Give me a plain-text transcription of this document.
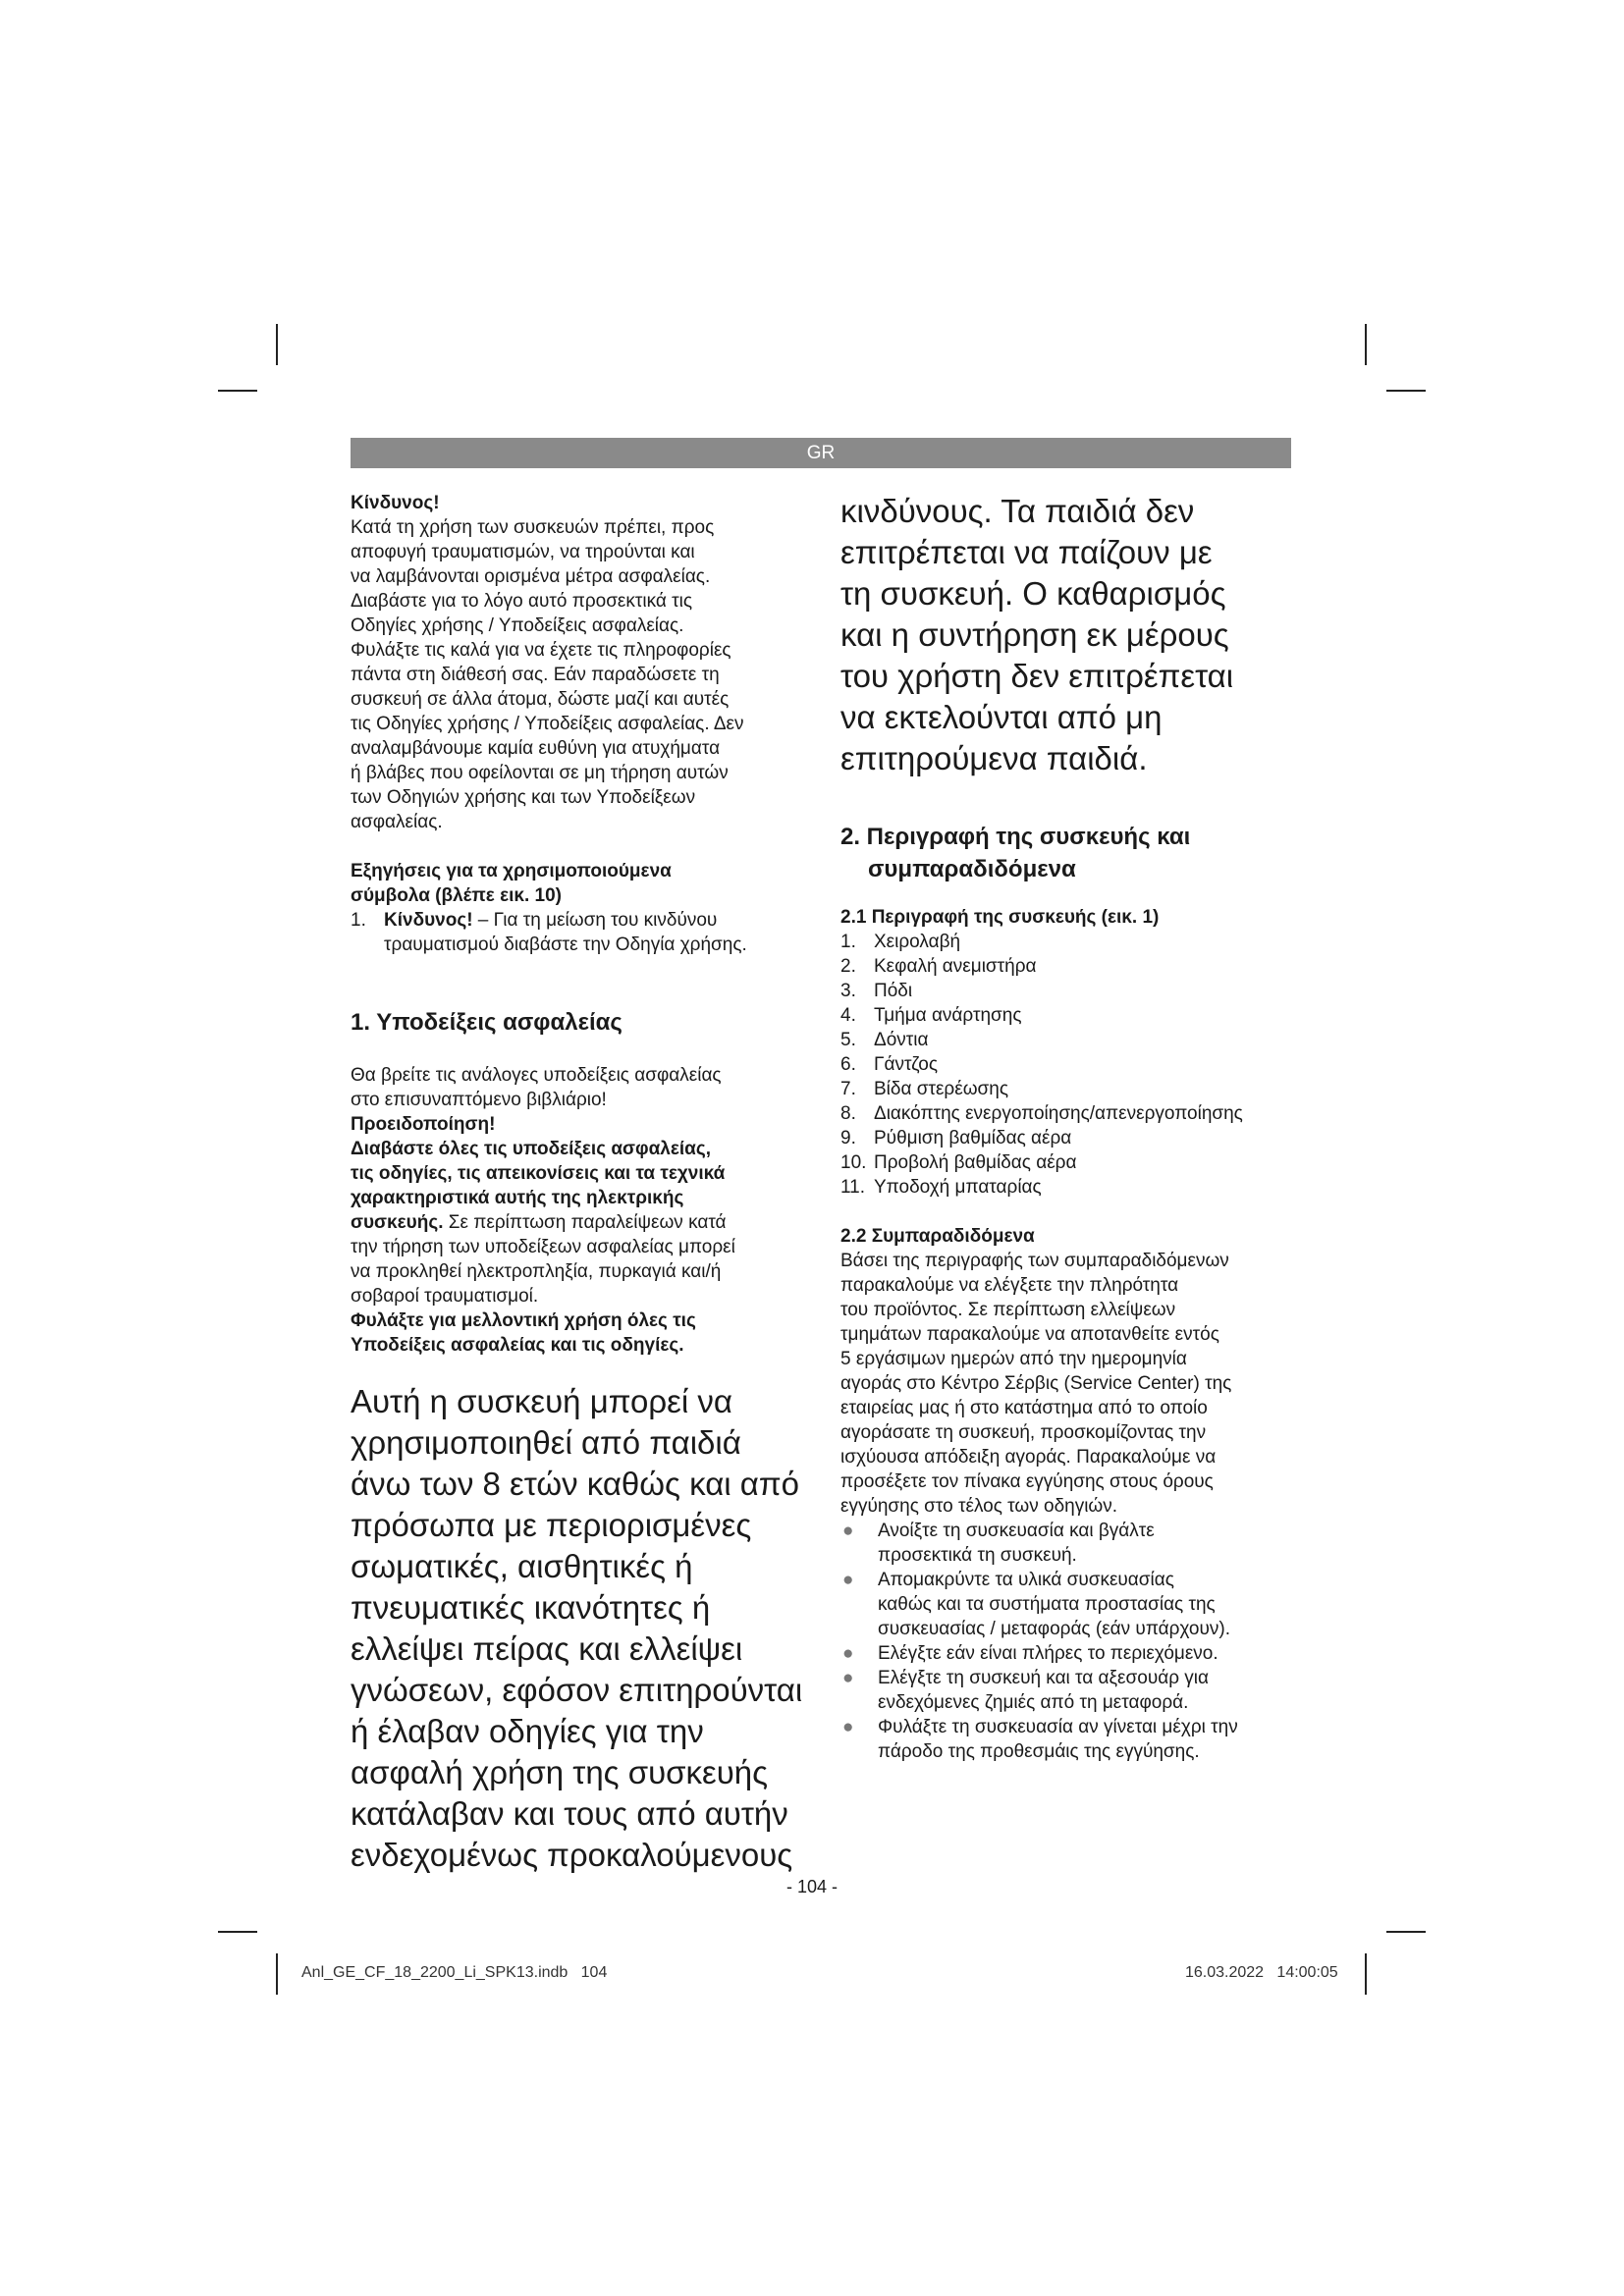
GR

Κίνδυνος!

Κατά τη χρήση των συσκευών πρέπει, προς

αποφυγή τραυματισμών, να τηρούνται και

να λαμβάνονται ορισμένα μέτρα ασφαλείας.

Διαβάστε για το λόγο αυτό προσεκτικά τις

Οδηγίες χρήσης / Υποδείξεις ασφαλείας.

Φυλάξτε τις καλά για να έχετε τις πληροφορίες

πάντα στη διάθεσή σας. Εάν παραδώσετε τη

συσκευή σε άλλα άτομα, δώστε μαζί και αυτές

τις Οδηγίες χρήσης / Υποδείξεις ασφαλείας. Δεν

αναλαμβάνουμε καμία ευθύνη για ατυχήματα

ή βλάβες που οφείλονται σε μη τήρηση αυτών

των Οδηγιών χρήσης και των Υποδείξεων

ασφαλείας.

Εξηγήσεις για τα χρησιμοποιούμενα

σύμβολα (βλέπε εικ. 10)

1. Κίνδυνος! – Για τη μείωση του κινδύνου
τραυματισμού διαβάστε την Οδηγία χρήσης.

1. Υποδείξεις ασφαλείας

Θα βρείτε τις ανάλογες υποδείξεις ασφαλείας

στο επισυναπτόμενο βιβλιάριο!

Προειδοποίηση!

Διαβάστε όλες τις υποδείξεις ασφαλείας,

τις οδηγίες, τις απεικονίσεις και τα τεχνικά

χαρακτηριστικά αυτής της ηλεκτρικής

συσκευής. Σε περίπτωση παραλείψεων κατά

την τήρηση των υποδείξεων ασφαλείας μπορεί

να προκληθεί ηλεκτροπληξία, πυρκαγιά και/ή

σοβαροί τραυματισμοί.

Φυλάξτε για μελλοντική χρήση όλες τις

Υποδείξεις ασφαλείας και τις οδηγίες.

Αυτή η συσκευή μπορεί να

χρησιμοποιηθεί από παιδιά

άνω των 8 ετών καθώς και από

πρόσωπα με περιορισμένες

σωματικές, αισθητικές ή

πνευματικές ικανότητες ή

ελλείψει πείρας και ελλείψει

γνώσεων, εφόσον επιτηρούνται

ή έλαβαν οδηγίες για την

ασφαλή χρήση της συσκευής

κατάλαβαν και τους από αυτήν

ενδεχομένως προκαλούμενους

κινδύνους. Τα παιδιά δεν

επιτρέπεται να παίζουν με

τη συσκευή. Ο καθαρισμός

και η συντήρηση εκ μέρους

του χρήστη δεν επιτρέπεται

να εκτελούνται από μη

επιτηρούμενα παιδιά.

2. Περιγραφή της συσκευής και

συμπαραδιδόμενα

2.1 Περιγραφή της συσκευής (εικ. 1)

1. Χειρολαβή
2. Κεφαλή ανεμιστήρα
3. Πόδι
4. Τμήμα ανάρτησης
5. Δόντια
6. Γάντζος
7. Βίδα στερέωσης
8. Διακόπτης ενεργοποίησης/απενεργοποίησης
9. Ρύθμιση βαθμίδας αέρα
10. Προβολή βαθμίδας αέρα
11. Υποδοχή μπαταρίας

2.2 Συμπαραδιδόμενα

Βάσει της περιγραφής των συμπαραδιδόμενων

παρακαλούμε να ελέγξετε την πληρότητα

του προϊόντος. Σε περίπτωση ελλείψεων

τμημάτων παρακαλούμε να αποτανθείτε εντός

5 εργάσιμων ημερών από την ημερομηνία

αγοράς στο Κέντρο Σέρβις (Service Center) της

εταιρείας μας ή στο κατάστημα από το οποίο

αγοράσατε τη συσκευή, προσκομίζοντας την

ισχύουσα απόδειξη αγοράς. Παρακαλούμε να

προσέξετε τον πίνακα εγγύησης στους όρους

εγγύησης στο τέλος των οδηγιών.

●	Ανοίξτε τη συσκευασία και βγάλτε
προσεκτικά τη συσκευή.
●	Απομακρύντε τα υλικά συσκευασίας
καθώς και τα συστήματα προστασίας της
συσκευασίας / μεταφοράς (εάν υπάρχουν).
●	Ελέγξτε εάν είναι πλήρες το περιεχόμενο.
●	Ελέγξτε τη συσκευή και τα αξεσουάρ για
ενδεχόμενες ζημιές από τη μεταφορά.
●	Φυλάξτε τη συσκευασία αν γίνεται μέχρι την
πάροδο της προθεσμάις της εγγύησης.
- 104 -
Anl_GE_CF_18_2200_Li_SPK13.indb   104	16.03.2022   14:00:05
